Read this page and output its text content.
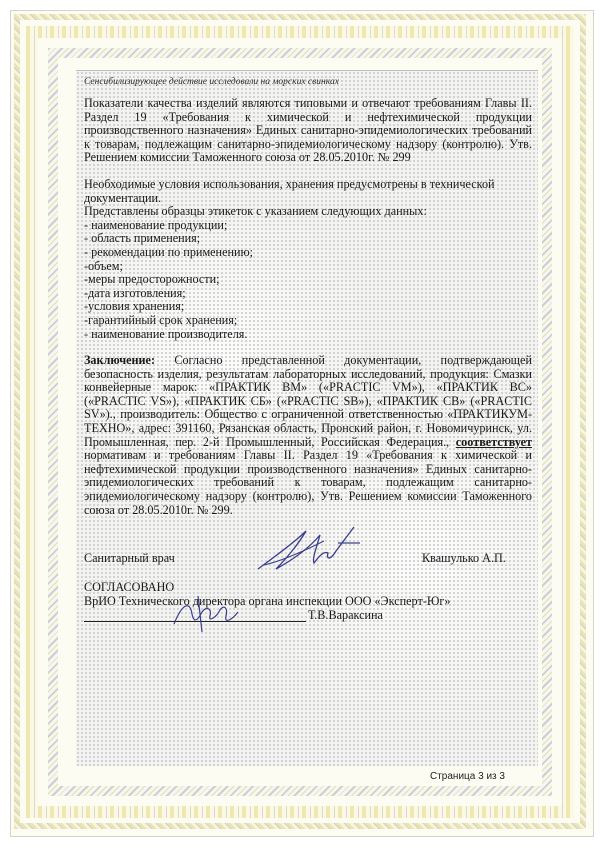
Сенсибилизирующее действие исследовали на морских свинках

Показатели качества изделий являются типовыми и отвечают требованиям Главы II. Раздел 19 «Требования к химической и нефтехимической продукции производственного назначения» Единых санитарно-эпидемиологических требований к товарам, подлежащим санитарно-эпидемиологическому надзору (контролю). Утв. Решением комиссии Таможенного союза от 28.05.2010г. № 299

Необходимые условия использования, хранения предусмотрены в технической документации.

Представлены образцы этикеток с указанием следующих данных:

- наименование продукции;
- область применения;
- рекомендации по применению;
-объем;
-меры предосторожности;
-дата изготовления;
-условия хранения;
-гарантийный срок хранения;
- наименование производителя.

Заключение: Согласно представленной документации, подтверждающей безопасность изделия, результатам лабораторных исследований, продукция: Смазки конвейерные марок: «ПРАКТИК ВМ» («PRACTIC VM»), «ПРАКТИК ВС» («PRACTIC VS»), «ПРАКТИК СБ» («PRACTIC SB»), «ПРАКТИК СВ» («PRACTIC SV»)., производитель: Общество с ограниченной ответственностью «ПРАКТИКУМ-ТЕХНО», адрес: 391160, Рязанская область, Пронский район, г. Новомичуринск, ул. Промышленная, пер. 2-й Промышленный, Российская Федерация., соответствует нормативам и требованиям Главы II. Раздел 19 «Требования к химической и нефтехимической продукции производственного назначения» Единых санитарно-эпидемиологических требований к товарам, подлежащим санитарно-эпидемиологическому надзору (контролю), Утв. Решением комиссии Таможенного союза от 28.05.2010г. № 299.

Санитарный врач	Квашулько А.П.
СОГЛАСОВАНО
ВрИО Технического директора органа инспекции ООО «Эксперт-Юг»
Т.В.Вараксина
Страница 3 из 3
